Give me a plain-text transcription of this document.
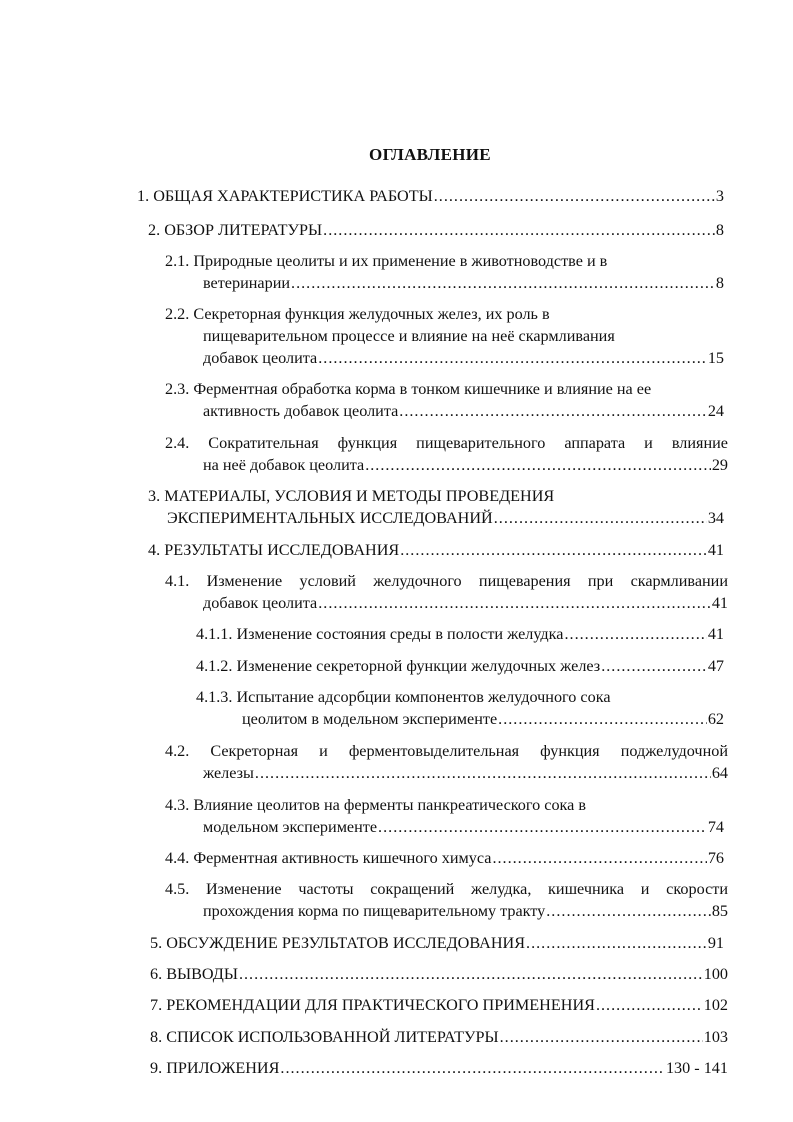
ОГЛАВЛЕНИЕ
1. ОБЩАЯ ХАРАКТЕРИСТИКА РАБОТЫ .....	3
2. ОБЗОР ЛИТЕРАТУРЫ .....	8
2.1. Природные цеолиты и их применение в животноводстве и в
ветеринарии .....	8
2.2. Секреторная функция желудочных желез, их роль в
пищеварительном процессе и влияние на неё скармливания
добавок цеолита .....	15
2.3. Ферментная обработка корма в тонком кишечнике и влияние на ее
активность добавок цеолита .....	24
2.4. Сократительная функция пищеварительного аппарата и влияние
на неё добавок цеолита .....	29
3. МАТЕРИАЛЫ, УСЛОВИЯ И МЕТОДЫ ПРОВЕДЕНИЯ
ЭКСПЕРИМЕНТАЛЬНЫХ ИССЛЕДОВАНИЙ .....	34
4. РЕЗУЛЬТАТЫ ИССЛЕДОВАНИЯ .....	41
4.1. Изменение условий желудочного пищеварения при скармливании
добавок цеолита .....	41
4.1.1. Изменение состояния среды в полости желудка .....	41
4.1.2. Изменение секреторной функции желудочных желез .....	47
4.1.3. Испытание адсорбции компонентов желудочного сока
цеолитом в модельном эксперименте .....	62
4.2. Секреторная и ферментовыделительная функция поджелудочной
железы .....	64
4.3. Влияние цеолитов на ферменты панкреатического сока в
модельном эксперименте .....	74
4.4. Ферментная активность кишечного химуса .....	76
4.5. Изменение частоты сокращений желудка, кишечника и скорости
прохождения корма по пищеварительному тракту .....	85
5. ОБСУЖДЕНИЕ РЕЗУЛЬТАТОВ ИССЛЕДОВАНИЯ .....	91
6. ВЫВОДЫ .....	100
7. РЕКОМЕНДАЦИИ ДЛЯ ПРАКТИЧЕСКОГО ПРИМЕНЕНИЯ .....	102
8. СПИСОК ИСПОЛЬЗОВАННОЙ ЛИТЕРАТУРЫ .....	103
9. ПРИЛОЖЕНИЯ .....	130 - 141
